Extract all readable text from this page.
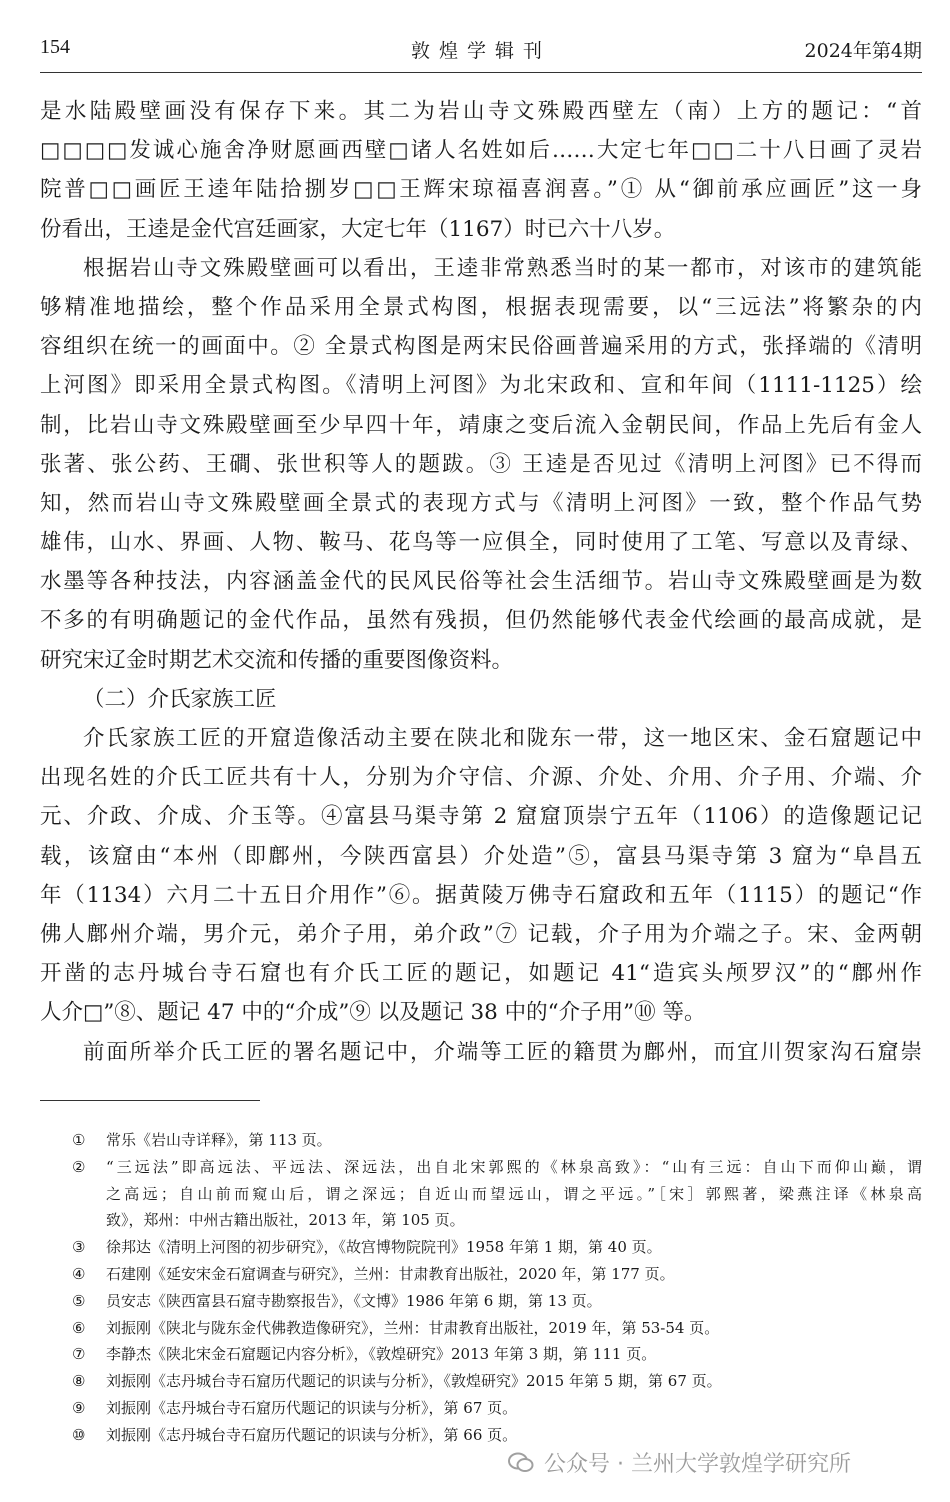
154	敦煌学辑刊	2024年第4期
是水陆殿壁画没有保存下来。其二为岩山寺文殊殿西壁左（南）上方的题记：“首
□□□□发诚心施舍净财愿画西壁□诸人名姓如后……大定七年□□二十八日画了灵岩
院普□□画匠王逵年陆拾捌岁□□王辉宋琼福喜润喜。”① 从“御前承应画匠”这一身
份看出，王逵是金代宫廷画家，大定七年（1167）时已六十八岁。
根据岩山寺文殊殿壁画可以看出，王逵非常熟悉当时的某一都市，对该市的建筑能
够精准地描绘，整个作品采用全景式构图，根据表现需要，以“三远法”将繁杂的内
容组织在统一的画面中。② 全景式构图是两宋民俗画普遍采用的方式，张择端的《清明
上河图》即采用全景式构图。《清明上河图》为北宋政和、宣和年间（1111-1125）绘
制，比岩山寺文殊殿壁画至少早四十年，靖康之变后流入金朝民间，作品上先后有金人
张著、张公药、王磵、张世积等人的题跋。③ 王逵是否见过《清明上河图》已不得而
知，然而岩山寺文殊殿壁画全景式的表现方式与《清明上河图》一致，整个作品气势
雄伟，山水、界画、人物、鞍马、花鸟等一应俱全，同时使用了工笔、写意以及青绿、
水墨等各种技法，内容涵盖金代的民风民俗等社会生活细节。岩山寺文殊殿壁画是为数
不多的有明确题记的金代作品，虽然有残损，但仍然能够代表金代绘画的最高成就，是
研究宋辽金时期艺术交流和传播的重要图像资料。
（二）介氏家族工匠
介氏家族工匠的开窟造像活动主要在陕北和陇东一带，这一地区宋、金石窟题记中
出现名姓的介氏工匠共有十人，分别为介守信、介源、介处、介用、介子用、介端、介
元、介政、介成、介玉等。④富县马渠寺第 2 窟窟顶崇宁五年（1106）的造像题记记
载，该窟由“本州（即鄜州，今陕西富县）介处造”⑤，富县马渠寺第 3 窟为“阜昌五
年（1134）六月二十五日介用作”⑥。据黄陵万佛寺石窟政和五年（1115）的题记“作
佛人鄜州介端，男介元，弟介子用，弟介政”⑦ 记载，介子用为介端之子。宋、金两朝
开凿的志丹城台寺石窟也有介氏工匠的题记，如题记 41“造宾头颅罗汉”的“鄜州作
人介□”⑧、题记 47 中的“介成”⑨ 以及题记 38 中的“介子用”⑩ 等。
前面所举介氏工匠的署名题记中，介端等工匠的籍贯为鄜州，而宜川贺家沟石窟崇
① 常乐《岩山寺详释》，第 113 页。
② “三远法”即高远法、平远法、深远法，出自北宋郭熙的《林泉高致》：“山有三远：自山下而仰山巅，谓
之高远；自山前而窥山后，谓之深远；自近山而望远山，谓之平远。”［宋］郭熙著，梁燕注译《林泉高
致》，郑州：中州古籍出版社，2013 年，第 105 页。
③ 徐邦达《清明上河图的初步研究》，《故宫博物院院刊》1958 年第 1 期，第 40 页。
④ 石建刚《延安宋金石窟调查与研究》，兰州：甘肃教育出版社，2020 年，第 177 页。
⑤ 员安志《陕西富县石窟寺勘察报告》，《文博》1986 年第 6 期，第 13 页。
⑥ 刘振刚《陕北与陇东金代佛教造像研究》，兰州：甘肃教育出版社，2019 年，第 53-54 页。
⑦ 李静杰《陕北宋金石窟题记内容分析》，《敦煌研究》2013 年第 3 期，第 111 页。
⑧ 刘振刚《志丹城台寺石窟历代题记的识读与分析》，《敦煌研究》2015 年第 5 期，第 67 页。
⑨ 刘振刚《志丹城台寺石窟历代题记的识读与分析》，第 67 页。
⑩ 刘振刚《志丹城台寺石窟历代题记的识读与分析》，第 66 页。
公众号 · 兰州大学敦煌学研究所
